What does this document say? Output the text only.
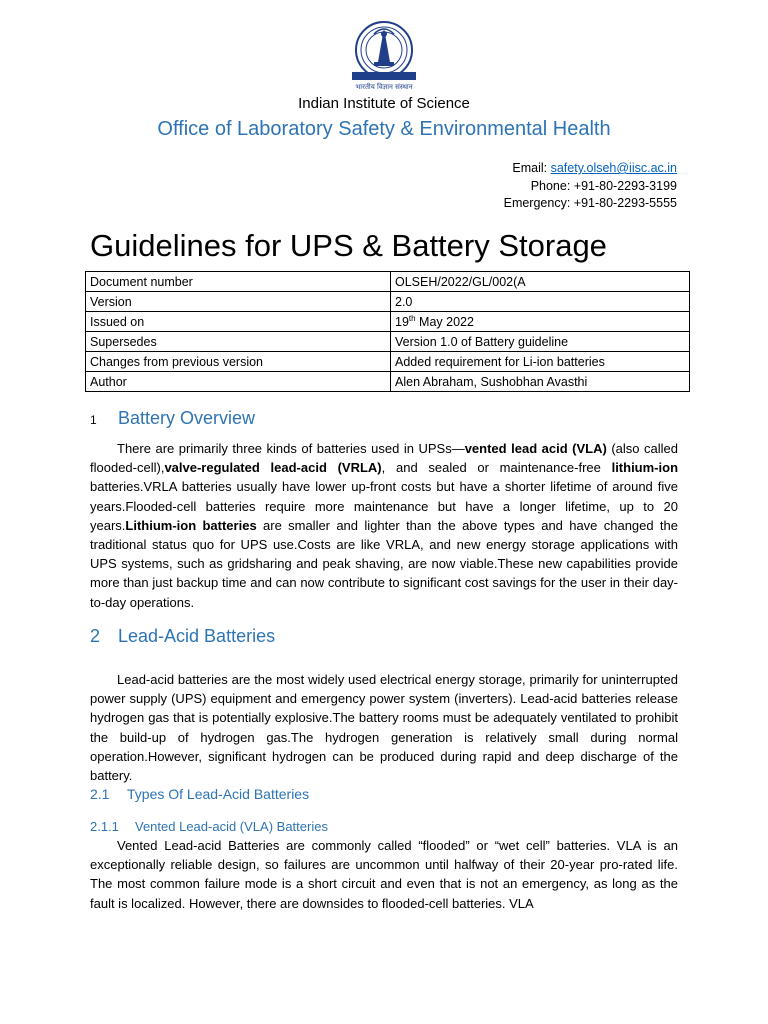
भारतीय विज्ञान संस्थान
Indian Institute of Science
Office of Laboratory Safety & Environmental Health
Email: safety.olseh@iisc.ac.in
Phone: +91-80-2293-3199
Emergency: +91-80-2293-5555
Guidelines for UPS & Battery Storage
Document number	OLSEH/2022/GL/002(A
Version	2.0
Issued on	19th May 2022
Supersedes	Version 1.0 of Battery guideline
Changes from previous version	Added requirement for Li-ion batteries
Author	Alen Abraham, Sushobhan Avasthi
1 Battery Overview
There are primarily three kinds of batteries used in UPSs—vented lead acid (VLA) (also called flooded-cell),valve-regulated lead-acid (VRLA), and sealed or maintenance-free lithium-ion batteries.VRLA batteries usually have lower up-front costs but have a shorter lifetime of around five years.Flooded-cell batteries require more maintenance but have a longer lifetime, up to 20 years.Lithium-ion batteries are smaller and lighter than the above types and have changed the traditional status quo for UPS use.Costs are like VRLA, and new energy storage applications with UPS systems, such as gridsharing and peak shaving, are now viable.These new capabilities provide more than just backup time and can now contribute to significant cost savings for the user in their day-to-day operations.
2 Lead-Acid Batteries
Lead-acid batteries are the most widely used electrical energy storage, primarily for uninterrupted power supply (UPS) equipment and emergency power system (inverters). Lead-acid batteries release hydrogen gas that is potentially explosive.The battery rooms must be adequately ventilated to prohibit the build-up of hydrogen gas.The hydrogen generation is relatively small during normal operation.However, significant hydrogen can be produced during rapid and deep discharge of the battery.
2.1 Types Of Lead-Acid Batteries
2.1.1 Vented Lead-acid (VLA) Batteries
Vented Lead-acid Batteries are commonly called “flooded” or “wet cell” batteries. VLA is an exceptionally reliable design, so failures are uncommon until halfway of their 20-year pro-rated life. The most common failure mode is a short circuit and even that is not an emergency, as long as the fault is localized. However, there are downsides to flooded-cell batteries. VLA
